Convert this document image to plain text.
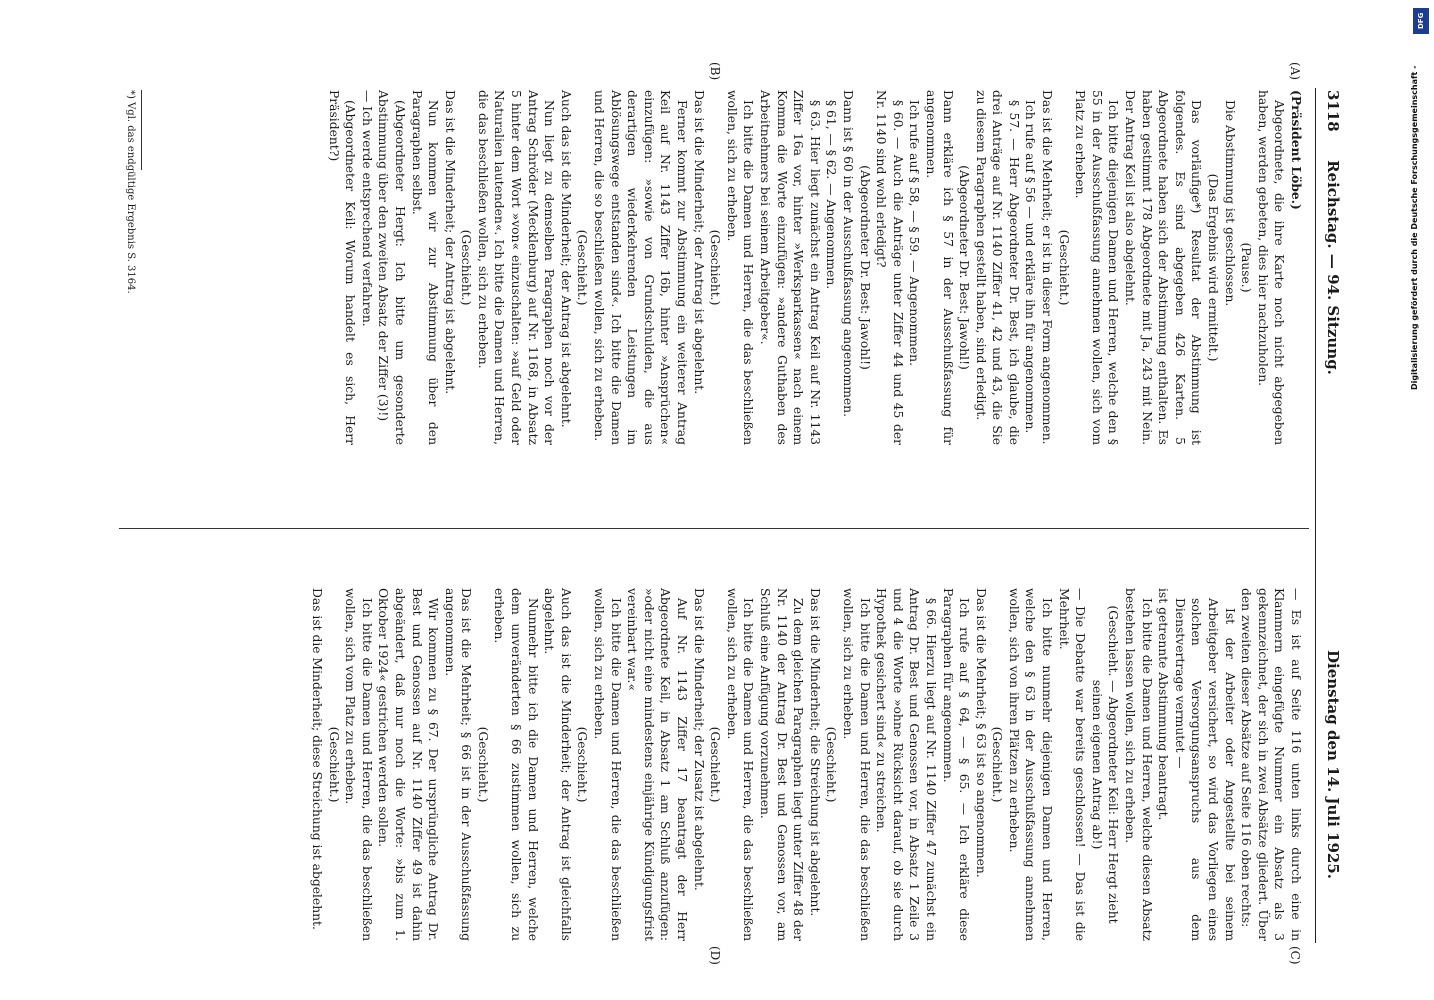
3118
Reichstag. — 94. Sitzung.
Dienstag den 14. Juli 1925.
(A)
(B)
(C)
(D)

(Präsident Löbe.)

Abgeordnete, die ihre Karte noch nicht abgegeben haben, werden gebeten, dies hier nachzuholen.

(Pause.)

Die Abstimmung ist geschlossen.

(Das Ergebnis wird ermittelt.)

Das vorläufige*) Resultat der Abstimmung ist folgendes. Es sind abgegeben 426 Karten. 5 Abgeordnete haben sich der Abstimmung enthalten. Es haben gestimmt 178 Abgeordnete mit Ja, 243 mit Nein. Der Antrag Keil ist also abgelehnt.

Ich bitte diejenigen Damen und Herren, welche den § 55 in der Ausschußfassung annehmen wollen, sich vom Platz zu erheben.

(Geschieht.)

Das ist die Mehrheit; er ist in dieser Form angenommen.

Ich rufe auf § 56 — und erkläre ihn für angenommen.

§ 57. — Herr Abgeordneter Dr. Best, ich glaube, die drei Anträge auf Nr. 1140 Ziffer 41, 42 und 43, die Sie zu diesem Paragraphen gestellt haben, sind erledigt.

(Abgeordneter Dr. Best: Jawohl!)

Dann erkläre ich § 57 in der Ausschußfassung für angenommen.

Ich rufe auf § 58, — § 59. — Angenommen.

§ 60. — Auch die Anträge unter Ziffer 44 und 45 der Nr. 1140 sind wohl erledigt?

(Abgeordneter Dr. Best: Jawohl!)

Dann ist § 60 in der Ausschußfassung angenommen.

§ 61, — § 62. — Angenommen.

§ 63. Hier liegt zunächst ein Antrag Keil auf Nr. 1143 Ziffer 16a vor, hinter »Werksparkassen« nach einem Komma die Worte einzufügen: »andere Guthaben des Arbeitnehmers bei seinem Arbeitgeber«.

Ich bitte die Damen und Herren, die das beschließen wollen, sich zu erheben.

(Geschieht.)

Das ist die Minderheit; der Antrag ist abgelehnt.

Ferner kommt zur Abstimmung ein weiterer Antrag Keil auf Nr. 1143 Ziffer 16b, hinter »Ansprüchen« einzufügen: »sowie von Grundschulden, die aus derartigen wiederkehrenden Leistungen im Ablösungswege entstanden sind«. Ich bitte die Damen und Herren, die so beschließen wollen, sich zu erheben.

(Geschieht.)

Auch das ist die Minderheit; der Antrag ist abgelehnt.

Nun liegt zu demselben Paragraphen noch vor der Antrag Schröder (Mecklenburg) auf Nr. 1168, in Absatz 5 hinter dem Wort »von« einzuschalten: »auf Geld oder Naturalien lautenden«. Ich bitte die Damen und Herren, die das beschließen wollen, sich zu erheben.

(Geschieht.)

Das ist die Minderheit; der Antrag ist abgelehnt.

Nun kommen wir zur Abstimmung über den Paragraphen selbst.

(Abgeordneter Hergt: Ich bitte um gesonderte Abstimmung über den zweiten Absatz der Ziffer (3)!)

— Ich werde entsprechend verfahren.

(Abgeordneter Keil: Worum handelt es sich, Herr Präsident?)

*) Vgl. das endgültige Ergebnis S. 3164.

— Es ist auf Seite 116 unten links durch eine in Klammern eingefügte Nummer ein Absatz als 3 gekennzeichnet, der sich in zwei Absätze gliedert. Über den zweiten dieser Absätze auf Seite 116 oben rechts:

Ist der Arbeiter oder Angestellte bei seinem Arbeitgeber versichert, so wird das Vorliegen eines solchen Versorgungsanspruchs aus dem Dienstvertrage vermutet —

ist getrennte Abstimmung beantragt.

Ich bitte die Damen und Herren, welche diesen Absatz bestehen lassen wollen, sich zu erheben.

(Geschieht. — Abgeordneter Keil: Herr Hergt zieht seinen eigenen Antrag ab!)

— Die Debatte war bereits geschlossen! — Das ist die Mehrheit.

Ich bitte nunmehr diejenigen Damen und Herren, welche den § 63 in der Ausschußfassung annehmen wollen, sich von ihren Plätzen zu erheben.

(Geschieht.)

Das ist die Mehrheit; § 63 ist so angenommen.

Ich rufe auf § 64, — § 65. — Ich erkläre diese Paragraphen für angenommen.

§ 66. Hierzu liegt auf Nr. 1140 Ziffer 47 zunächst ein Antrag Dr. Best und Genossen vor, in Absatz 1 Zeile 3 und 4 die Worte »ohne Rücksicht darauf, ob sie durch Hypothek gesichert sind« zu streichen.

Ich bitte die Damen und Herren, die das beschließen wollen, sich zu erheben.

(Geschieht.)

Das ist die Minderheit; die Streichung ist abgelehnt.

Zu dem gleichen Paragraphen liegt unter Ziffer 48 der Nr. 1140 der Antrag Dr. Best und Genossen vor, am Schluß eine Anfügung vorzunehmen.

Ich bitte die Damen und Herren, die das beschließen wollen, sich zu erheben.

(Geschieht.)

Das ist die Minderheit; der Zusatz ist abgelehnt.

Auf Nr. 1143 Ziffer 17 beantragt der Herr Abgeordnete Keil, in Absatz 1 am Schluß anzufügen: »oder nicht eine mindestens einjährige Kündigungsfrist vereinbart war.«

Ich bitte die Damen und Herren, die das beschließen wollen, sich zu erheben.

(Geschieht.)

Auch das ist die Minderheit; der Antrag ist gleichfalls abgelehnt.

Nunmehr bitte ich die Damen und Herren, welche dem unveränderten § 66 zustimmen wollen, sich zu erheben.

(Geschieht.)

Das ist die Mehrheit; § 66 ist in der Ausschußfassung angenommen.

Wir kommen zu § 67. Der ursprüngliche Antrag Dr. Best und Genossen auf Nr. 1140 Ziffer 49 ist dahin abgeändert, daß nur noch die Worte: »bis zum 1. Oktober 1924« gestrichen werden sollen.

Ich bitte die Damen und Herren, die das beschließen wollen, sich vom Platz zu erheben.

(Geschieht.)

Das ist die Minderheit; diese Streichung ist abgelehnt.

DFG
Digitalisierung gefördert durch die Deutsche Forschungsgemeinschaft -
